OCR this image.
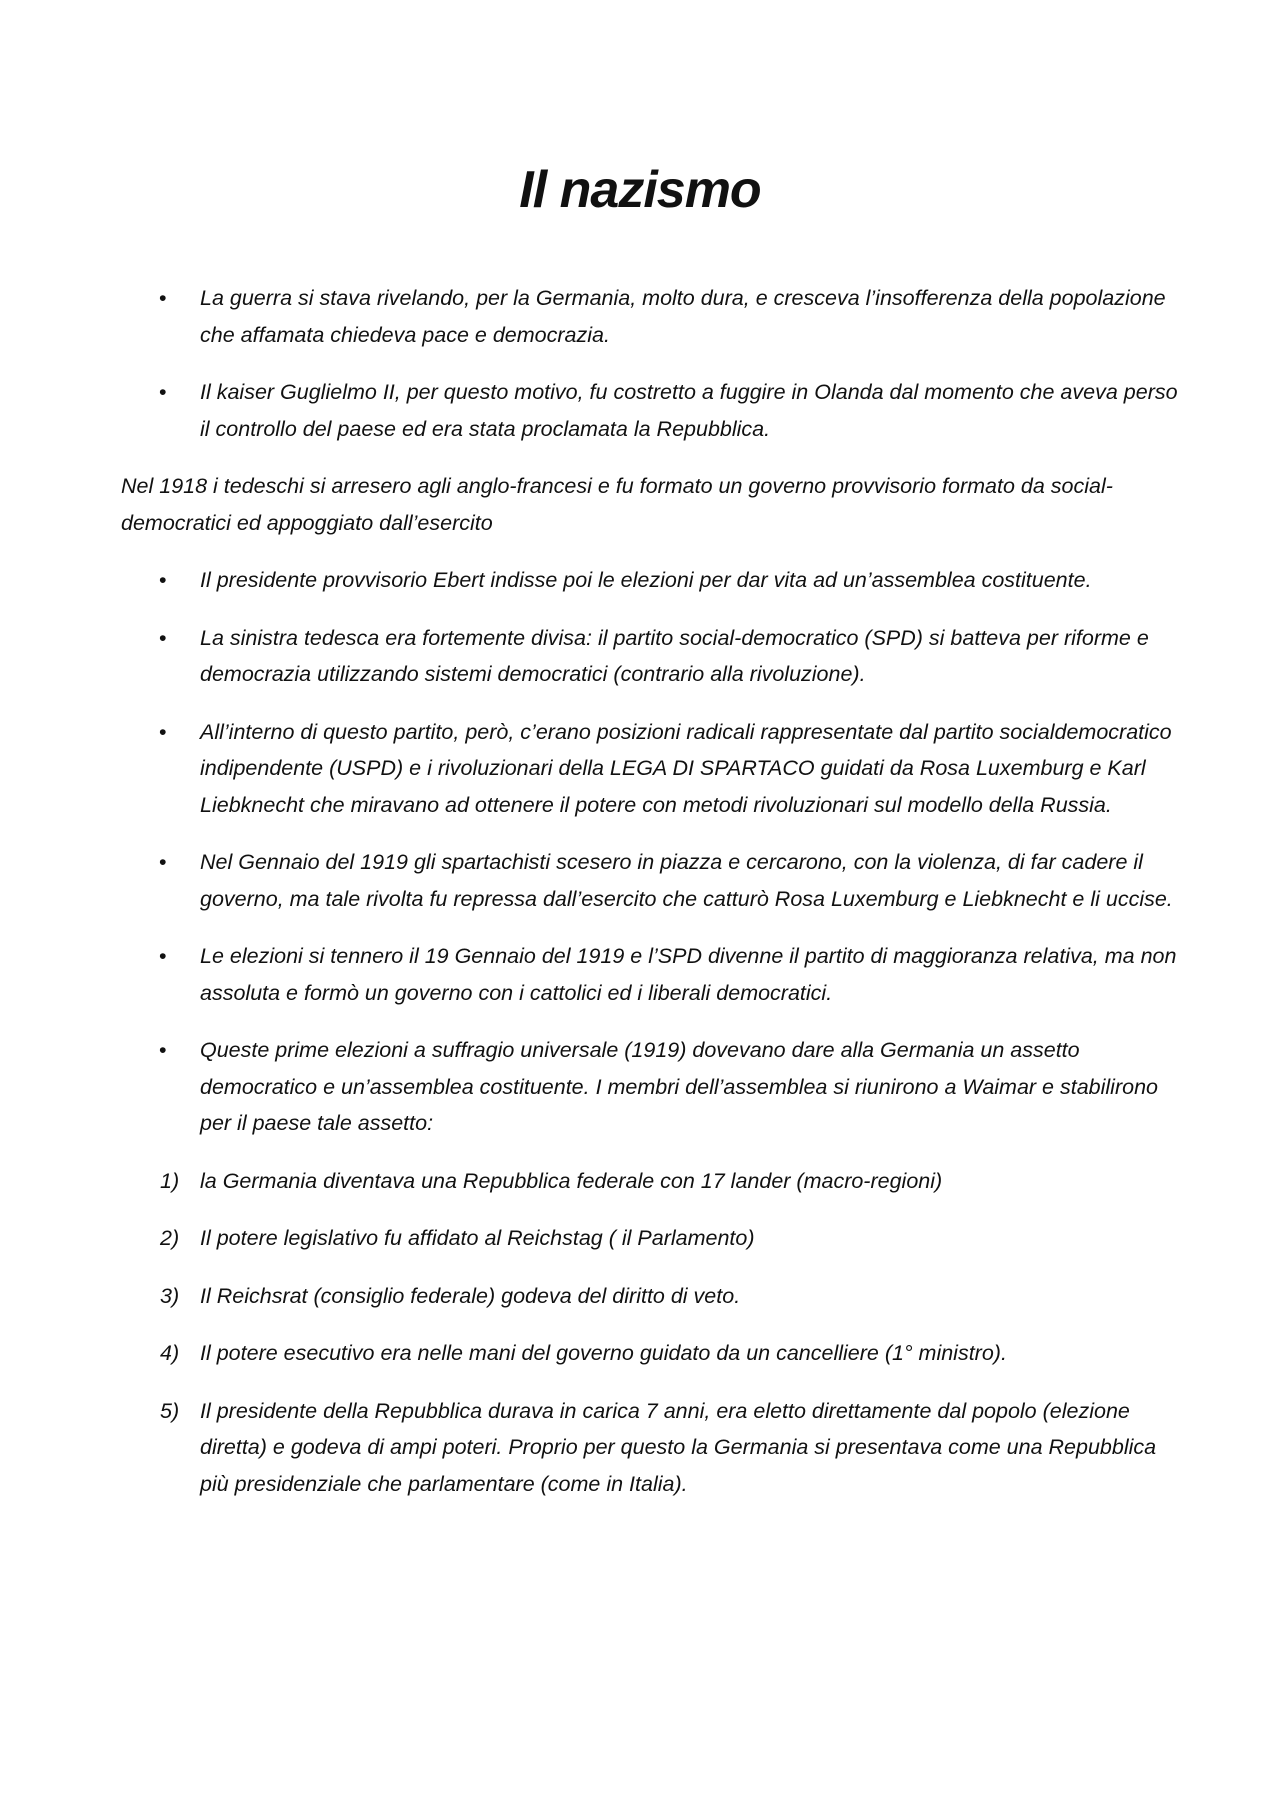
Il nazismo
• La guerra si stava rivelando, per la Germania, molto dura, e cresceva l’insofferenza della popolazione che affamata chiedeva pace e democrazia.
• Il kaiser Guglielmo II, per questo motivo, fu costretto a fuggire in Olanda dal momento che aveva perso il controllo del paese ed era stata proclamata la Repubblica.

Nel 1918 i tedeschi si arresero agli anglo-francesi e fu formato un governo provvisorio formato da social-democratici ed appoggiato dall’esercito

• Il presidente provvisorio Ebert indisse poi le elezioni per dar vita ad un’assemblea costituente.
• La sinistra tedesca era fortemente divisa: il partito social-democratico (SPD) si batteva per riforme e democrazia utilizzando sistemi democratici (contrario alla rivoluzione).
• All’interno di questo partito, però, c’erano posizioni radicali rappresentate dal partito socialdemocratico indipendente (USPD) e i rivoluzionari della LEGA DI SPARTACO guidati da Rosa Luxemburg e Karl Liebknecht che miravano ad ottenere il potere con metodi rivoluzionari sul modello della Russia.
• Nel Gennaio del 1919 gli spartachisti scesero in piazza e cercarono, con la violenza, di far cadere il governo, ma tale rivolta fu repressa dall’esercito che catturò Rosa Luxemburg e Liebknecht e li uccise.
• Le elezioni si tennero il 19 Gennaio del 1919 e l’SPD divenne il partito di maggioranza relativa, ma non assoluta e formò un governo con i cattolici ed i liberali democratici.
• Queste prime elezioni a suffragio universale (1919) dovevano dare alla Germania un assetto democratico e un’assemblea costituente. I membri dell’assemblea si riunirono a Waimar e stabilirono per il paese tale assetto:
1) la Germania diventava una Repubblica federale con 17 lander (macro-regioni)
2) Il potere legislativo fu affidato al Reichstag ( il Parlamento)
3) Il Reichsrat (consiglio federale) godeva del diritto di veto.
4) Il potere esecutivo era nelle mani del governo guidato da un cancelliere (1° ministro).
5) Il presidente della Repubblica durava in carica 7 anni, era eletto direttamente dal popolo (elezione diretta) e godeva di ampi poteri. Proprio per questo la Germania si presentava come una Repubblica più presidenziale che parlamentare (come in Italia).
